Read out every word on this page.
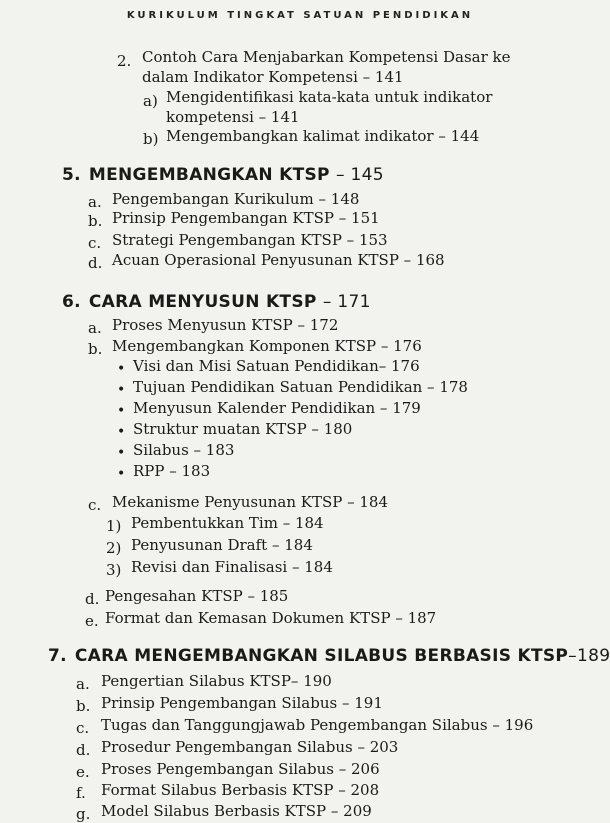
KURIKULUM TINGKAT SATUAN PENDIDIKAN
2. Contoh Cara Menjabarkan Kompetensi Dasar ke
dalam Indikator Kompetensi – 141
a) Mengidentifikasi kata-kata untuk indikator
kompetensi – 141
b) Mengembangkan kalimat indikator – 144
5. MENGEMBANGKAN KTSP – 145
a. Pengembangan Kurikulum – 148
b. Prinsip Pengembangan KTSP – 151
c. Strategi Pengembangan KTSP – 153
d. Acuan Operasional Penyusunan KTSP – 168
6. CARA MENYUSUN KTSP – 171
a. Proses Menyusun KTSP – 172
b. Mengembangkan Komponen KTSP – 176
• Visi dan Misi Satuan Pendidikan– 176
• Tujuan Pendidikan Satuan Pendidikan – 178
• Menyusun Kalender Pendidikan – 179
• Struktur muatan KTSP – 180
• Silabus – 183
• RPP – 183
c. Mekanisme Penyusunan KTSP – 184
1) Pembentukkan Tim – 184
2) Penyusunan Draft – 184
3) Revisi dan Finalisasi – 184
d. Pengesahan KTSP – 185
e. Format dan Kemasan Dokumen KTSP – 187
7. CARA MENGEMBANGKAN SILABUS BERBASIS KTSP–189
a. Pengertian Silabus KTSP– 190
b. Prinsip Pengembangan Silabus – 191
c. Tugas dan Tanggungjawab Pengembangan Silabus – 196
d. Prosedur Pengembangan Silabus – 203
e. Proses Pengembangan Silabus – 206
f. Format Silabus Berbasis KTSP – 208
g. Model Silabus Berbasis KTSP – 209
